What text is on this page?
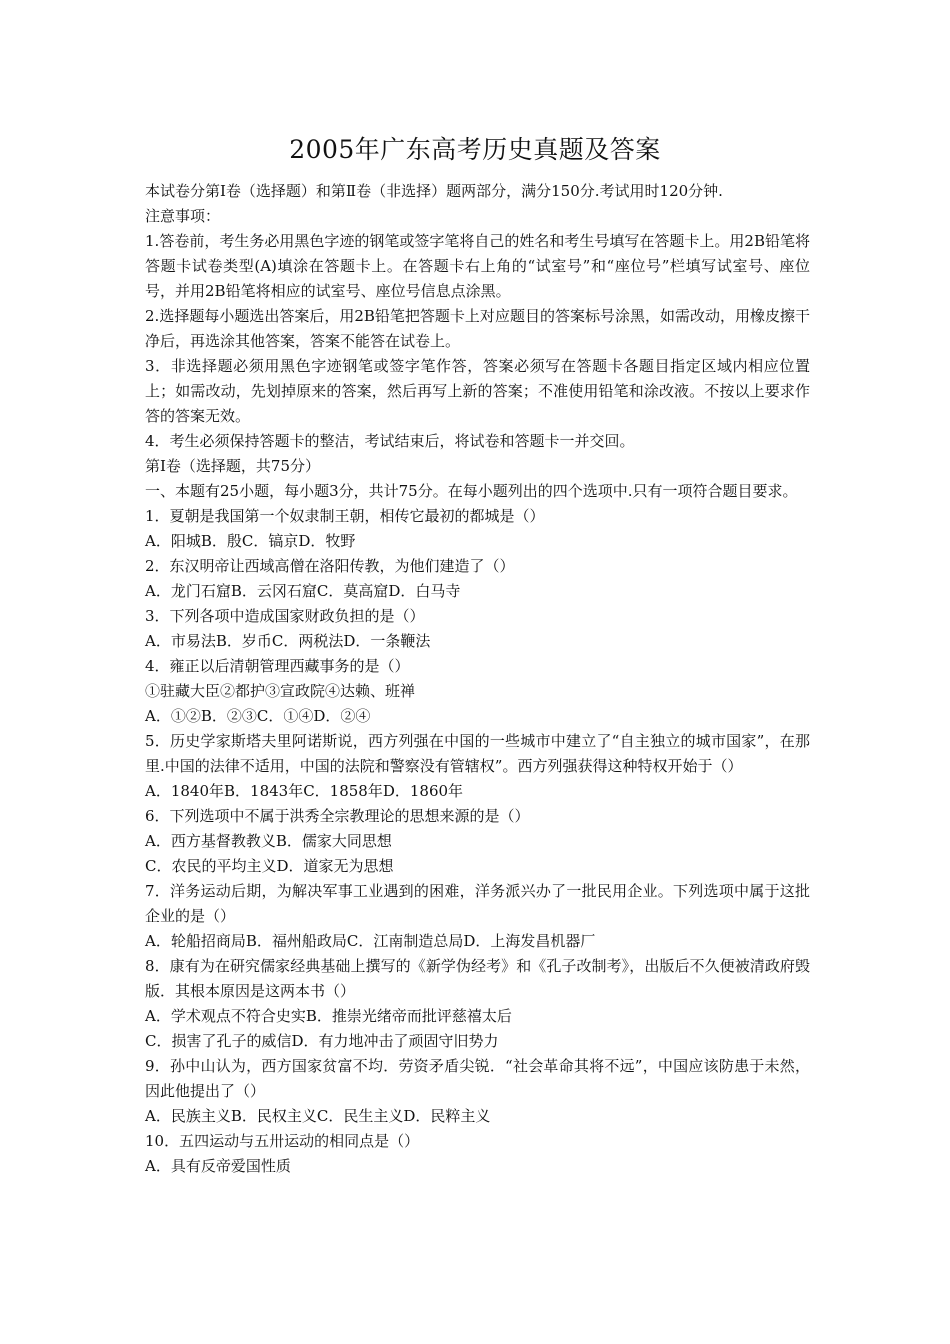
2005年广东高考历史真题及答案

本试卷分第Ⅰ卷（选择题）和第Ⅱ卷（非选择）题两部分，满分150分.考试用时120分钟.

注意事项：

1.答卷前，考生务必用黑色字迹的钢笔或签字笔将自己的姓名和考生号填写在答题卡上。用2B铅笔将答题卡试卷类型(A)填涂在答题卡上。在答题卡右上角的“试室号”和“座位号”栏填写试室号、座位号，并用2B铅笔将相应的试室号、座位号信息点涂黑。

2.选择题每小题选出答案后，用2B铅笔把答题卡上对应题目的答案标号涂黑，如需改动，用橡皮擦干净后，再选涂其他答案，答案不能答在试卷上。

3．非选择题必须用黑色字迹钢笔或签字笔作答，答案必须写在答题卡各题目指定区域内相应位置上；如需改动，先划掉原来的答案，然后再写上新的答案；不准使用铅笔和涂改液。不按以上要求作答的答案无效。

4．考生必须保持答题卡的整洁，考试结束后，将试卷和答题卡一并交回。

第Ⅰ卷（选择题，共75分）

一、本题有25小题，每小题3分，共计75分。在每小题列出的四个选项中.只有一项符合题目要求。

1．夏朝是我国第一个奴隶制王朝，相传它最初的都城是（）

A．阳城B．殷C．镐京D．牧野

2．东汉明帝让西域高僧在洛阳传教，为他们建造了（）

A．龙门石窟B．云冈石窟C．莫高窟D．白马寺

3．下列各项中造成国家财政负担的是（）

A．市易法B．岁币C．两税法D．一条鞭法

4．雍正以后清朝管理西藏事务的是（）

①驻藏大臣②都护③宣政院④达赖、班禅

A．①②B．②③C．①④D．②④

5．历史学家斯塔夫里阿诺斯说，西方列强在中国的一些城市中建立了“自主独立的城市国家”，在那里.中国的法律不适用，中国的法院和警察没有管辖权”。西方列强获得这种特权开始于（）

A．1840年B．1843年C．1858年D．1860年

6．下列选项中不属于洪秀全宗教理论的思想来源的是（）

A．西方基督教教义B．儒家大同思想

C．农民的平均主义D．道家无为思想

7．洋务运动后期，为解决军事工业遇到的困难，洋务派兴办了一批民用企业。下列选项中属于这批企业的是（）

A．轮船招商局B．福州船政局C．江南制造总局D．上海发昌机器厂

8．康有为在研究儒家经典基础上撰写的《新学伪经考》和《孔子改制考》，出版后不久便被清政府毁版．其根本原因是这两本书（）

A．学术观点不符合史实B．推崇光绪帝而批评慈禧太后

C．损害了孔子的威信D．有力地冲击了顽固守旧势力

9．孙中山认为，西方国家贫富不均．劳资矛盾尖锐．“社会革命其将不远”，中国应该防患于未然，因此他提出了（）

A．民族主义B．民权主义C．民生主义D．民粹主义

10．五四运动与五卅运动的相同点是（）

A．具有反帝爱国性质
